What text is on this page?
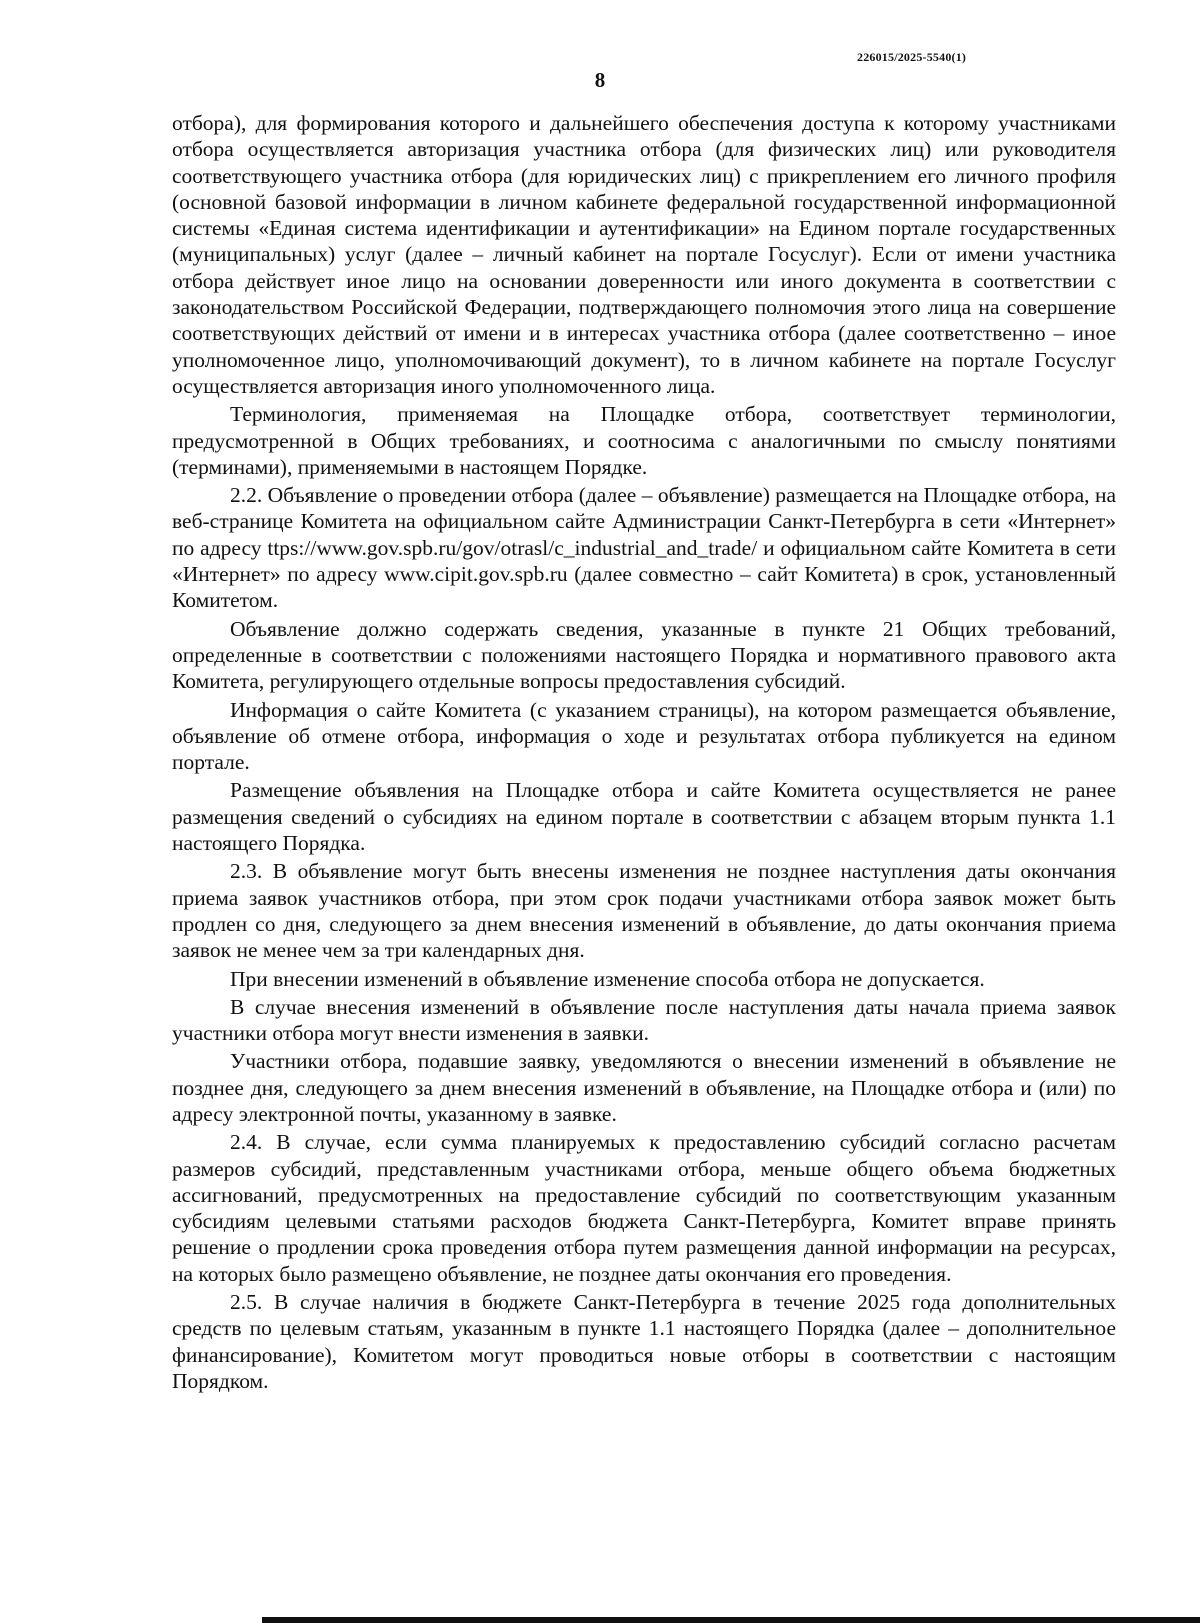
226015/2025-5540(1)
8

отбора), для формирования которого и дальнейшего обеспечения доступа к которому участниками отбора осуществляется авторизация участника отбора (для физических лиц) или руководителя соответствующего участника отбора (для юридических лиц) с прикреплением его личного профиля (основной базовой информации в личном кабинете федеральной государственной информационной системы «Единая система идентификации и аутентификации» на Едином портале государственных (муниципальных) услуг (далее – личный кабинет на портале Госуслуг). Если от имени участника отбора действует иное лицо на основании доверенности или иного документа в соответствии с законодательством Российской Федерации, подтверждающего полномочия этого лица на совершение соответствующих действий от имени и в интересах участника отбора (далее соответственно – иное уполномоченное лицо, уполномочивающий документ), то в личном кабинете на портале Госуслуг осуществляется авторизация иного уполномоченного лица.

Терминология, применяемая на Площадке отбора, соответствует терминологии, предусмотренной в Общих требованиях, и соотносима с аналогичными по смыслу понятиями (терминами), применяемыми в настоящем Порядке.

2.2. Объявление о проведении отбора (далее – объявление) размещается на Площадке отбора, на веб-странице Комитета на официальном сайте Администрации Санкт-Петербурга в сети «Интернет» по адресу ttps://www.gov.spb.ru/gov/otrasl/c_industrial_and_trade/ и официальном сайте Комитета в сети «Интернет» по адресу www.cipit.gov.spb.ru (далее совместно – сайт Комитета) в срок, установленный Комитетом.

Объявление должно содержать сведения, указанные в пункте 21 Общих требований, определенные в соответствии с положениями настоящего Порядка и нормативного правового акта Комитета, регулирующего отдельные вопросы предоставления субсидий.

Информация о сайте Комитета (с указанием страницы), на котором размещается объявление, объявление об отмене отбора, информация о ходе и результатах отбора публикуется на едином портале.

Размещение объявления на Площадке отбора и сайте Комитета осуществляется не ранее размещения сведений о субсидиях на едином портале в соответствии с абзацем вторым пункта 1.1 настоящего Порядка.

2.3. В объявление могут быть внесены изменения не позднее наступления даты окончания приема заявок участников отбора, при этом срок подачи участниками отбора заявок может быть продлен со дня, следующего за днем внесения изменений в объявление, до даты окончания приема заявок не менее чем за три календарных дня.

При внесении изменений в объявление изменение способа отбора не допускается.

В случае внесения изменений в объявление после наступления даты начала приема заявок участники отбора могут внести изменения в заявки.

Участники отбора, подавшие заявку, уведомляются о внесении изменений в объявление не позднее дня, следующего за днем внесения изменений в объявление, на Площадке отбора и (или) по адресу электронной почты, указанному в заявке.

2.4. В случае, если сумма планируемых к предоставлению субсидий согласно расчетам размеров субсидий, представленным участниками отбора, меньше общего объема бюджетных ассигнований, предусмотренных на предоставление субсидий по соответствующим указанным субсидиям целевыми статьями расходов бюджета Санкт-Петербурга, Комитет вправе принять решение о продлении срока проведения отбора путем размещения данной информации на ресурсах, на которых было размещено объявление, не позднее даты окончания его проведения.

2.5. В случае наличия в бюджете Санкт-Петербурга в течение 2025 года дополнительных средств по целевым статьям, указанным в пункте 1.1 настоящего Порядка (далее – дополнительное финансирование), Комитетом могут проводиться новые отборы в соответствии с настоящим Порядком.
